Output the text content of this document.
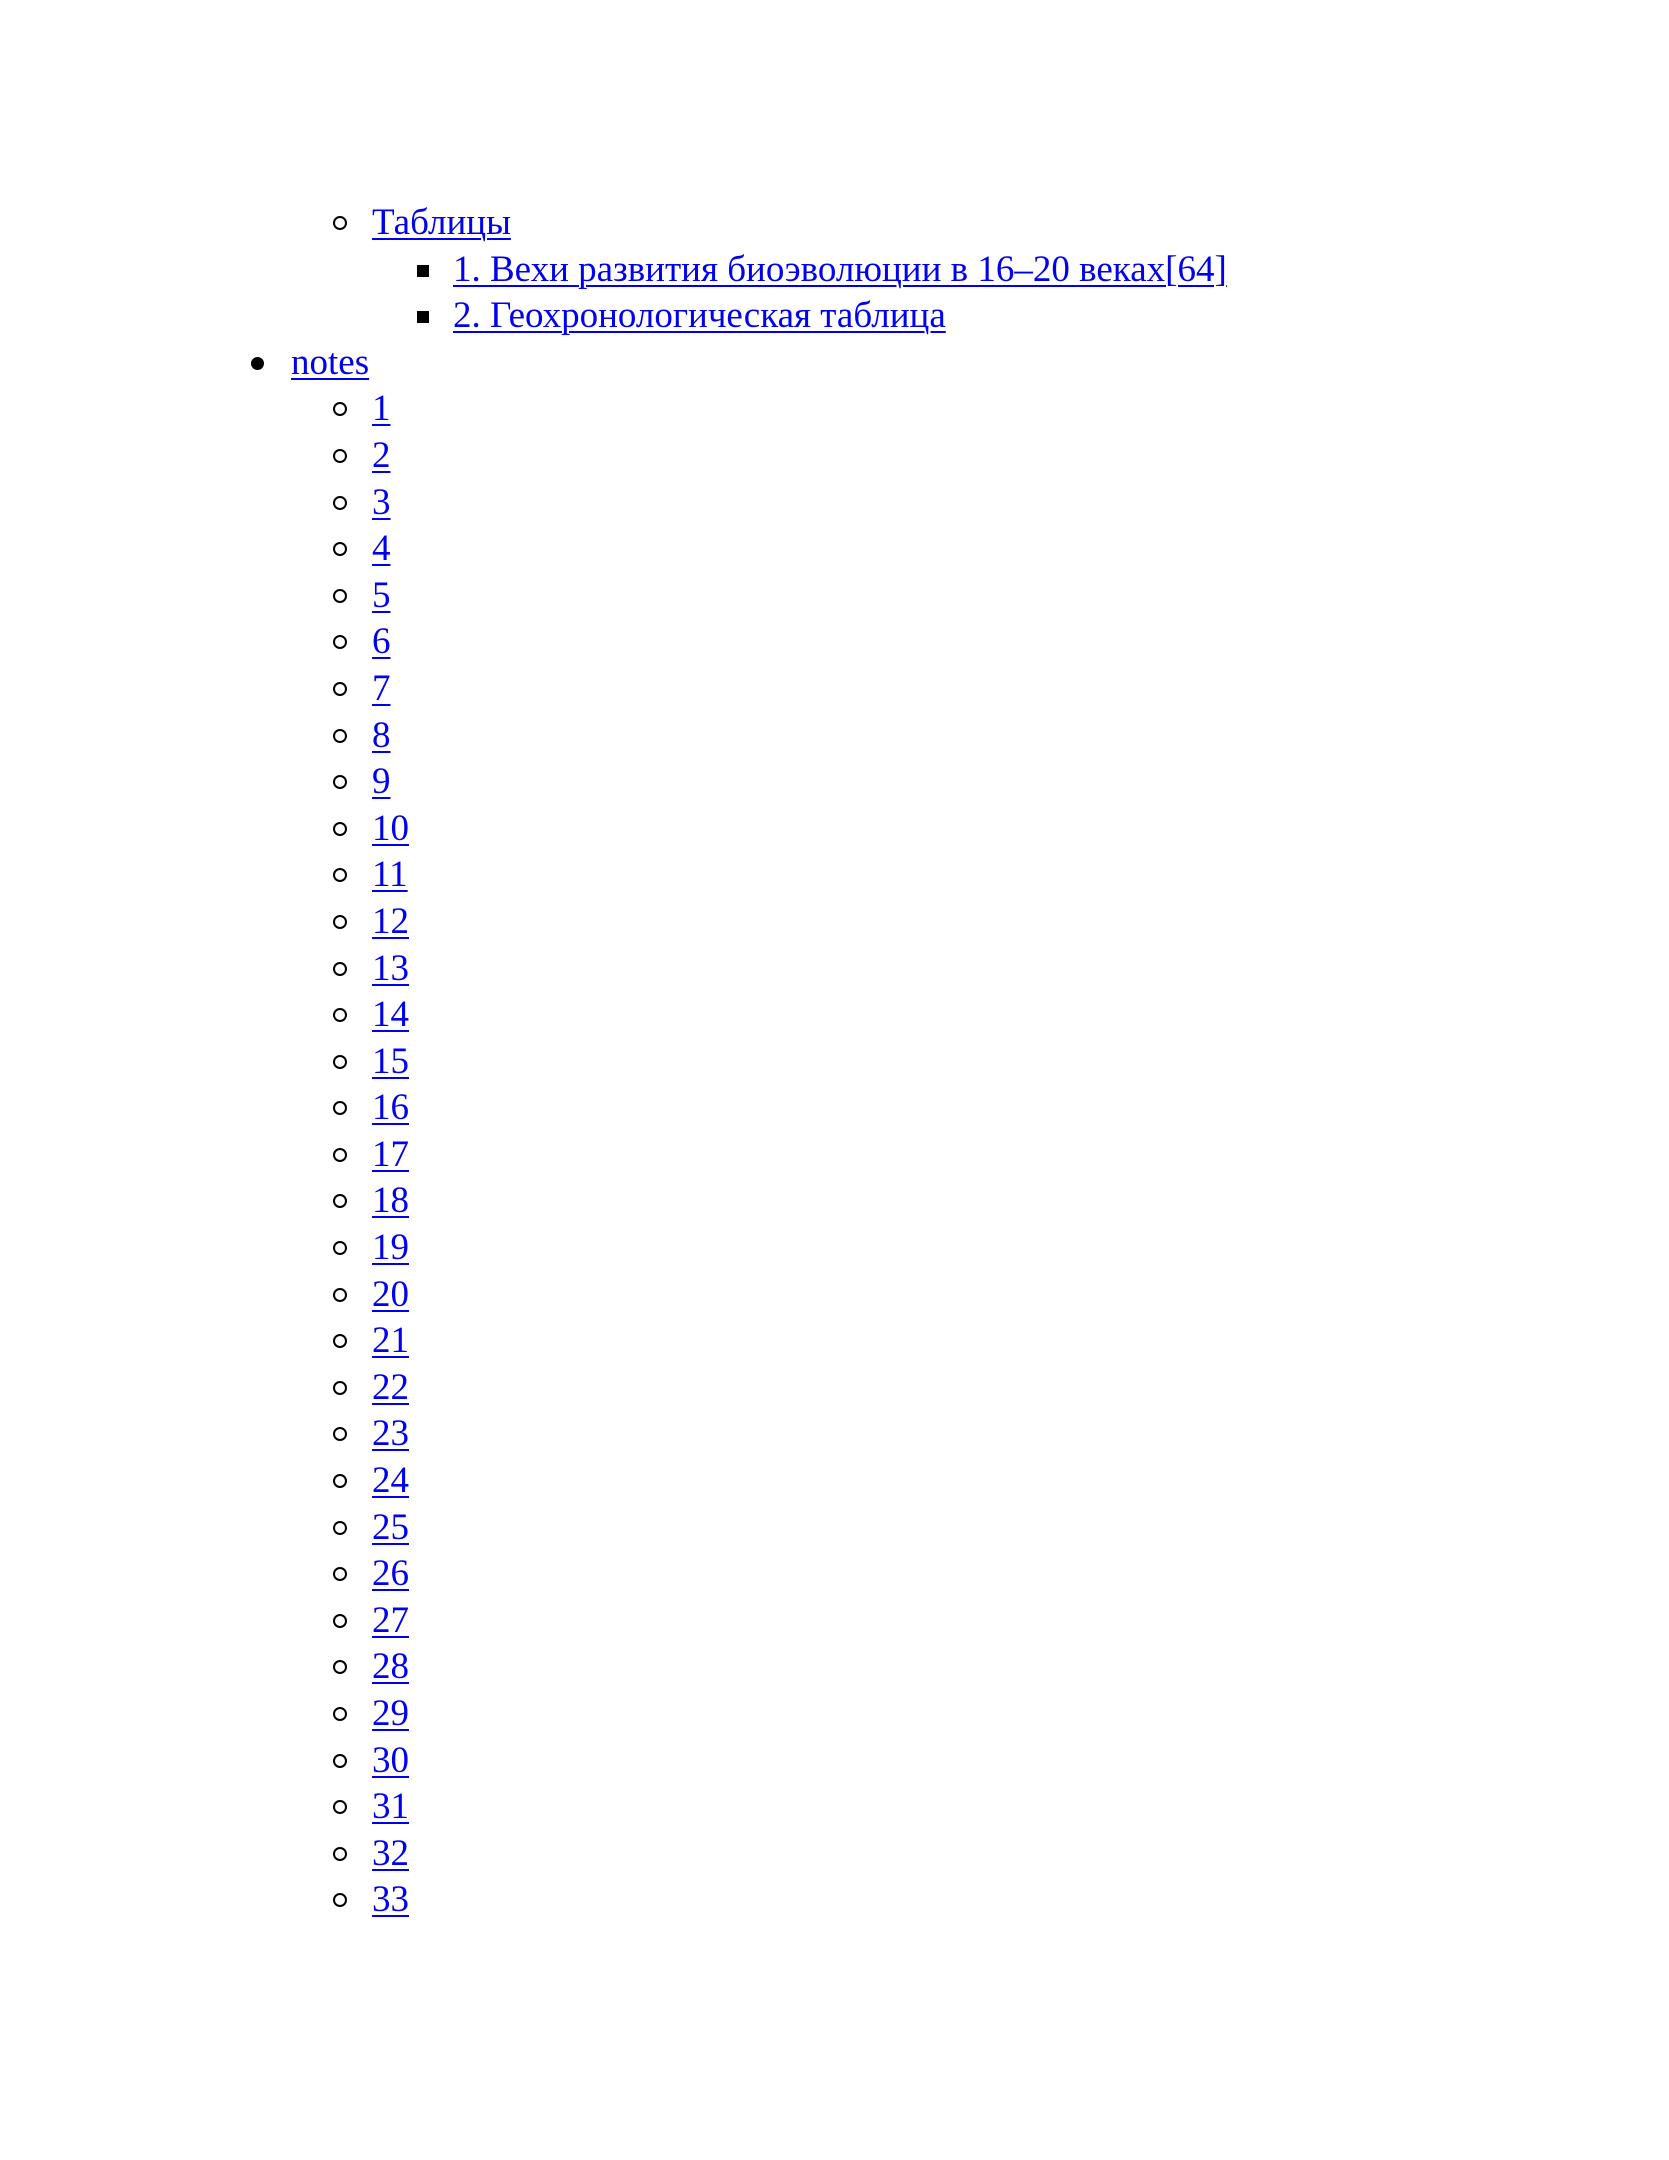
Таблицы
1. Вехи развития биоэволюции в 16–20 веках[64]
2. Геохронологическая таблица
notes
1
2
3
4
5
6
7
8
9
10
11
12
13
14
15
16
17
18
19
20
21
22
23
24
25
26
27
28
29
30
31
32
33
